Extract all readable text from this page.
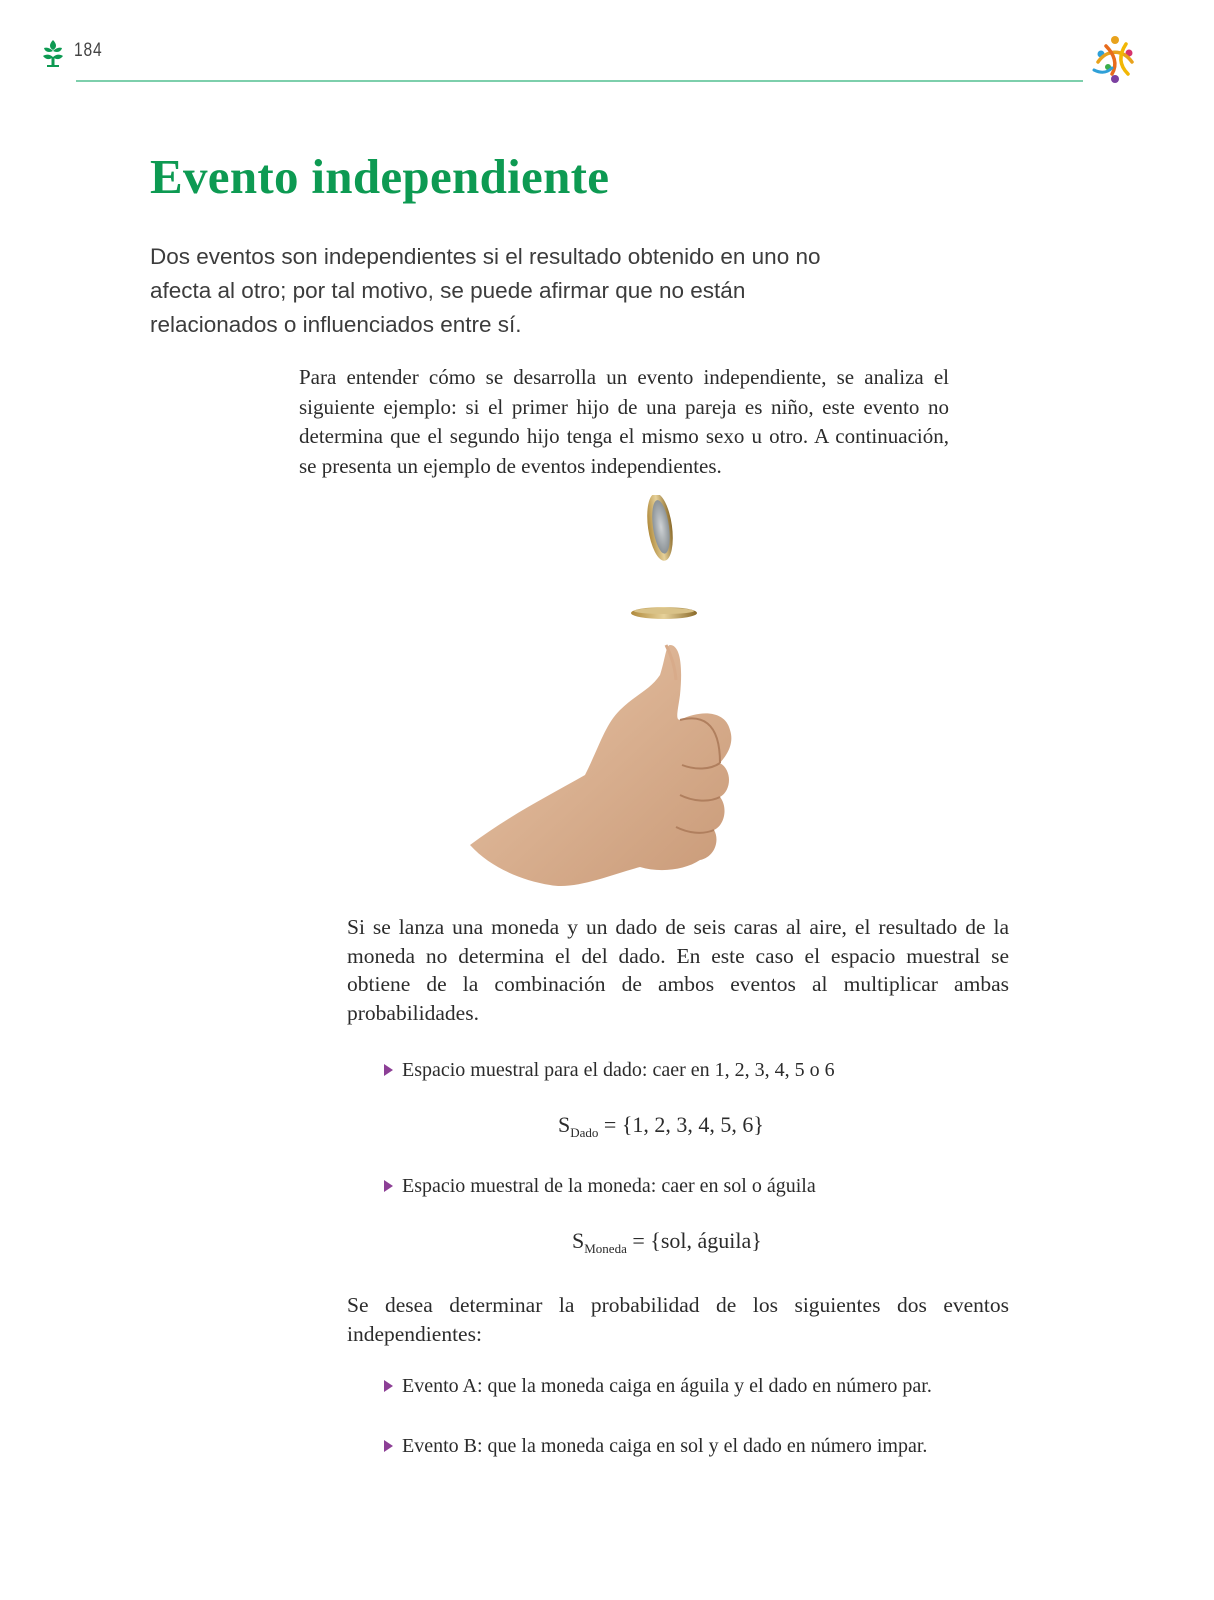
184
Evento independiente

Dos eventos son independientes si el resultado obtenido en uno no afecta al otro; por tal motivo, se puede afirmar que no están relacionados o influenciados entre sí.

Para entender cómo se desarrolla un evento independiente, se analiza el siguiente ejemplo: si el primer hijo de una pareja es niño, este evento no determina que el segundo hijo tenga el mismo sexo u otro. A continuación, se presenta un ejemplo de eventos independientes.

Si se lanza una moneda y un dado de seis caras al aire, el resultado de la moneda no determina el del dado. En este caso el espacio muestral se obtiene de la combinación de ambos eventos al multiplicar ambas probabilidades.

Espacio muestral para el dado: caer en 1, 2, 3, 4, 5 o 6
$S_{Dado} = \{1$, 2, 3, 4, 5, 6}
Espacio muestral de la moneda: caer en sol o águila
$S_{Moneda} = \{sol$, águila}

Se desea determinar la probabilidad de los siguientes dos eventos independientes:

Evento A: que la moneda caiga en águila y el dado en número par.
Evento B: que la moneda caiga en sol y el dado en número impar.
